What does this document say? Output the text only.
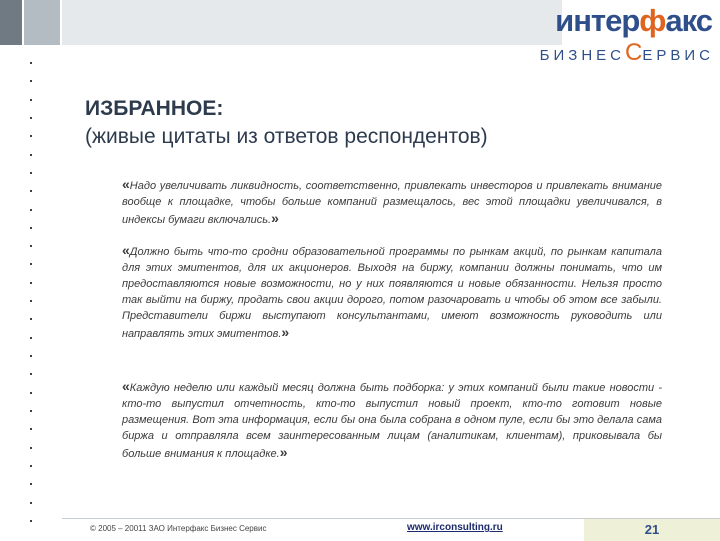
интерфакс
БИЗНЕССЕРВИС
ИЗБРАННОЕ:
(живые цитаты из ответов респондентов)
«Надо увеличивать ликвидность, соответственно, привлекать инвесторов и привлекать внимание вообще к площадке, чтобы больше компаний размещалось, вес этой площадки увеличивался, в индексы бумаги включались.»
«Должно быть что-то сродни образовательной программы по рынкам акций, по рынкам капитала для этих эмитентов, для их акционеров. Выходя на биржу, компании должны понимать, что им предоставляются новые возможности, но у них появляются и новые обязанности. Нельзя просто так выйти на биржу, продать свои акции дорого, потом разочаровать и чтобы об этом все забыли. Представители биржи выступают консультантами, имеют возможность руководить или направлять этих эмитентов.»
«Каждую неделю или каждый месяц должна быть подборка: у этих компаний были такие новости - кто-то выпустил отчетность, кто-то выпустил новый проект, кто-то готовит новые размещения. Вот эта информация, если бы она была собрана в одном пуле, если бы это делала сама биржа и отправляла всем заинтересованным лицам (аналитикам, клиентам), приковывала бы больше внимания к площадке.»
© 2005 – 20011 ЗАО Интерфакс Бизнес Сервис	www.irconsulting.ru	21
